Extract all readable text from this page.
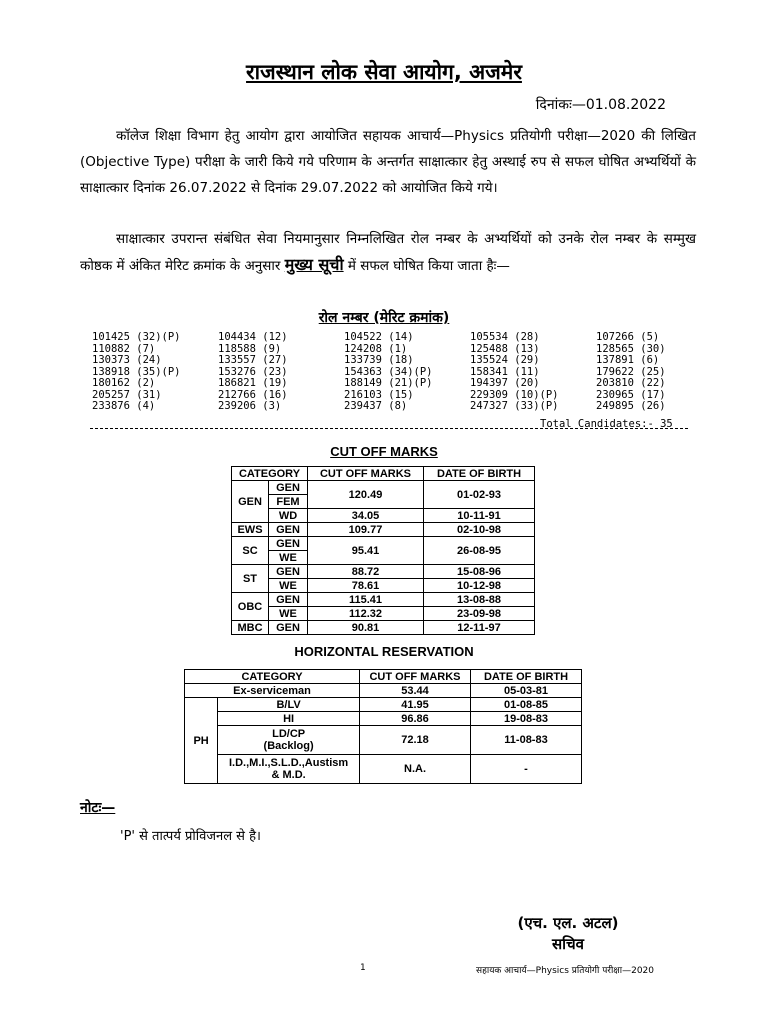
राजस्थान लोक सेवा आयोग, अजमेर
दिनांकः—01.08.2022
कॉलेज शिक्षा विभाग हेतु आयोग द्वारा आयोजित सहायक आचार्य—Physics प्रतियोगी परीक्षा—2020 की लिखित (Objective Type) परीक्षा के जारी किये गये परिणाम के अन्तर्गत साक्षात्कार हेतु अस्थाई रुप से सफल घोषित अभ्यर्थियों के साक्षात्कार दिनांक 26.07.2022 से दिनांक 29.07.2022 को आयोजित किये गये।
साक्षात्कार उपरान्त संबंधित सेवा नियमानुसार निम्नलिखित रोल नम्बर के अभ्यर्थियों को उनके रोल नम्बर के सम्मुख कोष्ठक में अंकित मेरिट क्रमांक के अनुसार मुख्य सूची में सफल घोषित किया जाता हैः—
रोल नम्बर (मेरिट क्रमांक)
101425 (32)(P)	104434 (12)	104522 (14)	105534 (28)	107266 (5)
110882 (7)	118588 (9)	124208 (1)	125488 (13)	128565 (30)
130373 (24)	133557 (27)	133739 (18)	135524 (29)	137891 (6)
138918 (35)(P)	153276 (23)	154363 (34)(P)	158341 (11)	179622 (25)
180162 (2)	186821 (19)	188149 (21)(P)	194397 (20)	203810 (22)
205257 (31)	212766 (16)	216103 (15)	229309 (10)(P)	230965 (17)
233876 (4)	239206 (3)	239437 (8)	247327 (33)(P)	249895 (26)
Total Candidates:- 35
CUT OFF MARKS
CATEGORY		CUT OFF MARKS	DATE OF BIRTH
GEN	GEN	120.49	01-02-93
	FEM		
	WD	34.05	10-11-91
EWS	GEN	109.77	02-10-98
SC	GEN	95.41	26-08-95
	WE		
ST	GEN	88.72	15-08-96
	WE	78.61	10-12-98
OBC	GEN	115.41	13-08-88
	WE	112.32	23-09-98
MBC	GEN	90.81	12-11-97
HORIZONTAL RESERVATION
CATEGORY		CUT OFF MARKS	DATE OF BIRTH
Ex-serviceman		53.44	05-03-81
PH	B/LV	41.95	01-08-85
	HI	96.86	19-08-83
	LD/CP
(Backlog)	72.18	11-08-83
	I.D.,M.I.,S.L.D.,Austism
& M.D.	N.A.	-
नोटः—
'P' से तात्पर्य प्रोविजनल से है।
(एच. एल. अटल)
सचिव
1	सहायक आचार्य—Physics प्रतियोगी परीक्षा—2020
